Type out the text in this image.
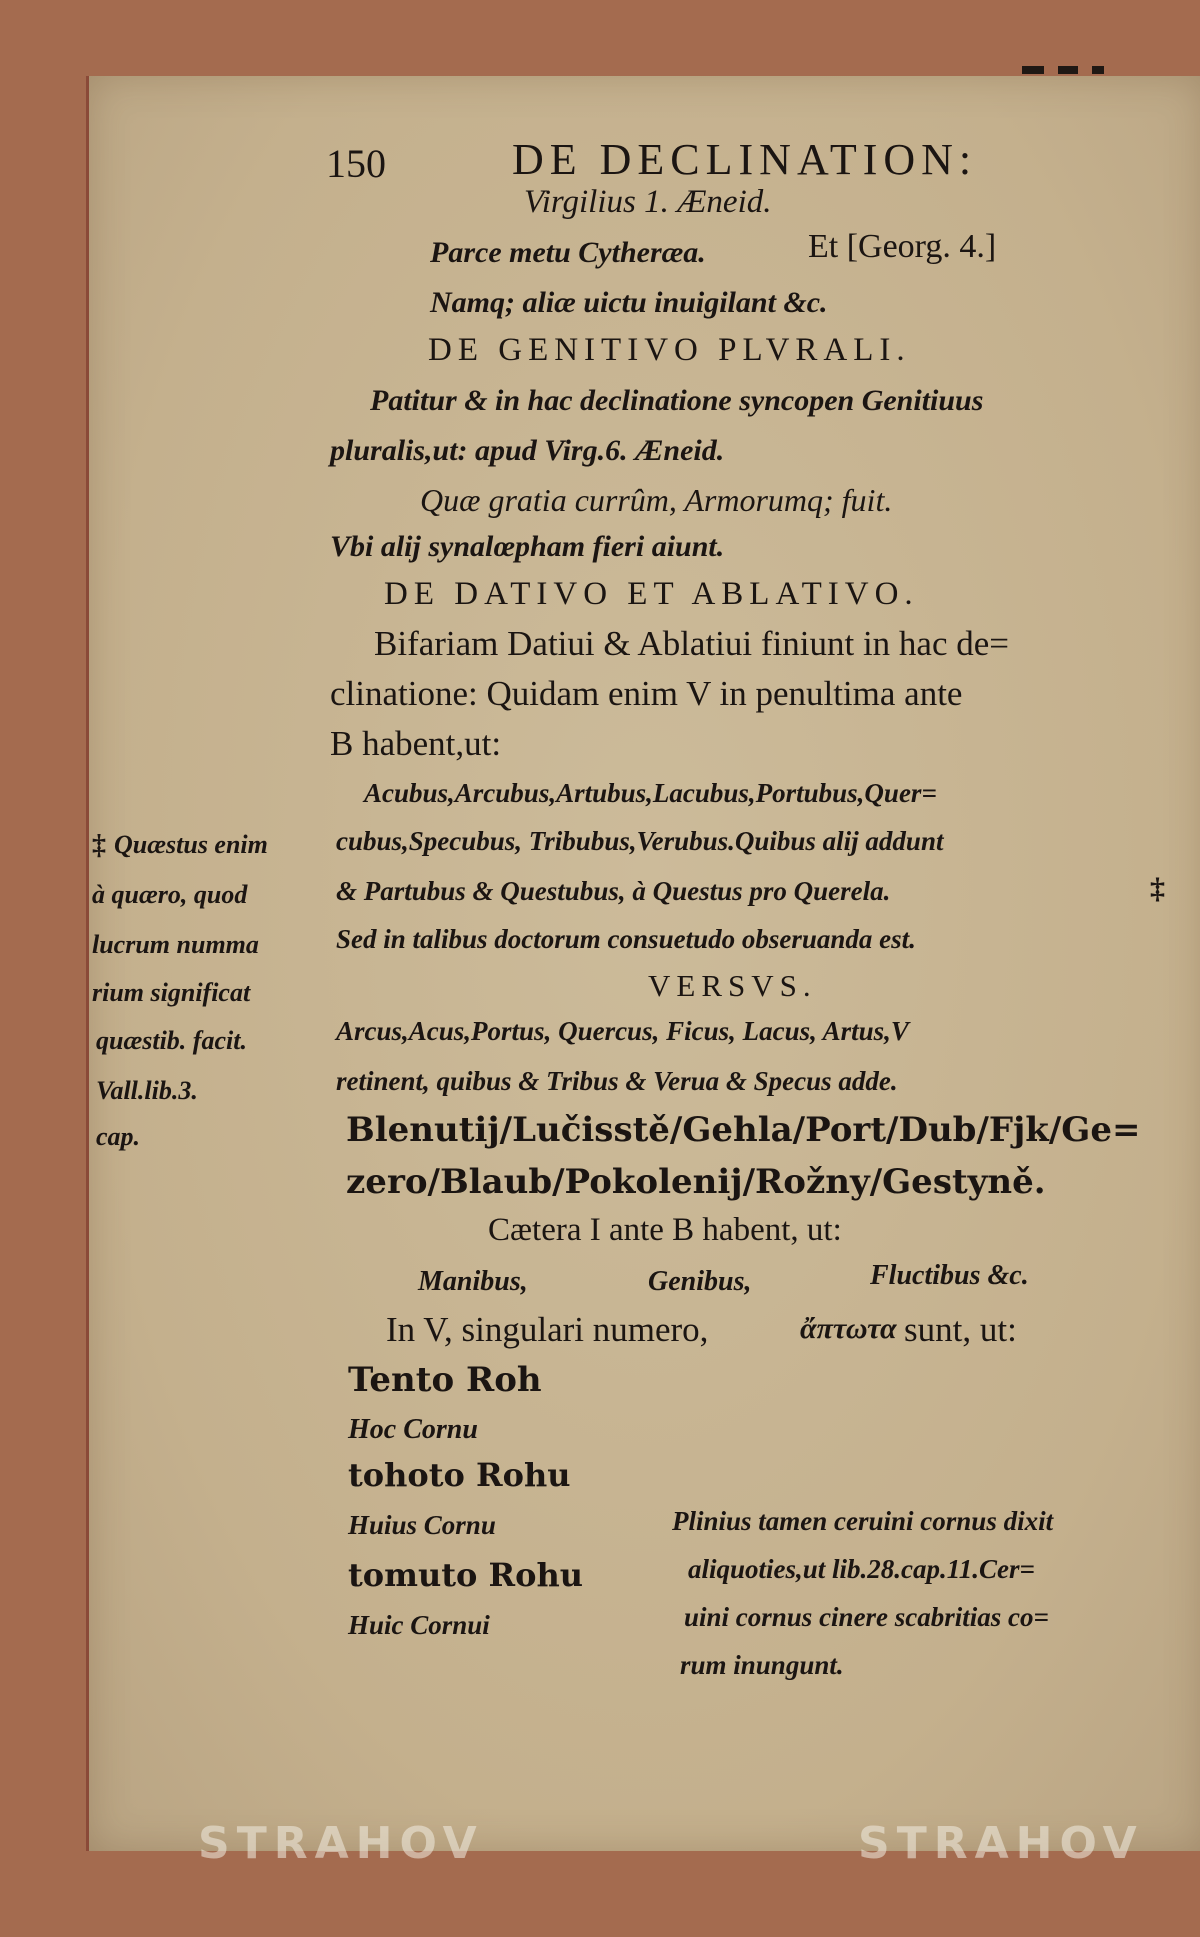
150	DE DECLINATION:
Virgilius 1. Æneid.
Parce metu Cytheræa.	Et [Georg. 4.]
Namq; aliæ uictu inuigilant &c.
DE GENITIVO PLVRALI.
Patitur & in hac declinatione syncopen Genitiuus
pluralis,ut: apud Virg.6. Æneid.
Quæ gratia currûm, Armorumq; fuit.
Vbi alij synalœpham fieri aiunt.
DE DATIVO ET ABLATIVO.
Bifariam Datiui & Ablatiui finiunt in hac de=
clinatione: Quidam enim V in penultima ante
B habent,ut:
Acubus,Arcubus,Artubus,Lacubus,Portubus,Quer=
cubus,Specubus, Tribubus,Verubus.Quibus alij addunt
& Partubus & Questubus, à Questus pro Querela.	‡
Sed in talibus doctorum consuetudo obseruanda est.
VERSVS.
Arcus,Acus,Portus, Quercus, Ficus, Lacus, Artus,V
retinent, quibus & Tribus & Verua & Specus adde.
Blenutij/Lučisstě/Gehla/Port/Dub/Fjk/Ge=
zero/Blaub/Pokolenij/Rožny/Gestyně.
Cætera I ante B habent, ut:
Manibus,	Genibus,	Fluctibus &c.
In V, singulari numero,	ἄπτωτα sunt, ut:
Tento Roh
Hoc Cornu
tohoto Rohu
Huius Cornu
tomuto Rohu
Huic Cornui
Plinius tamen ceruini cornus dixit
aliquoties,ut lib.28.cap.11.Cer=
uini cornus cinere scabritias co=
rum inungunt.
‡ Quæstus enim
à quæro, quod
lucrum numma
rium significat
quæstib. facit.
Vall.lib.3.
cap.
STRAHOV	STRAHOV
